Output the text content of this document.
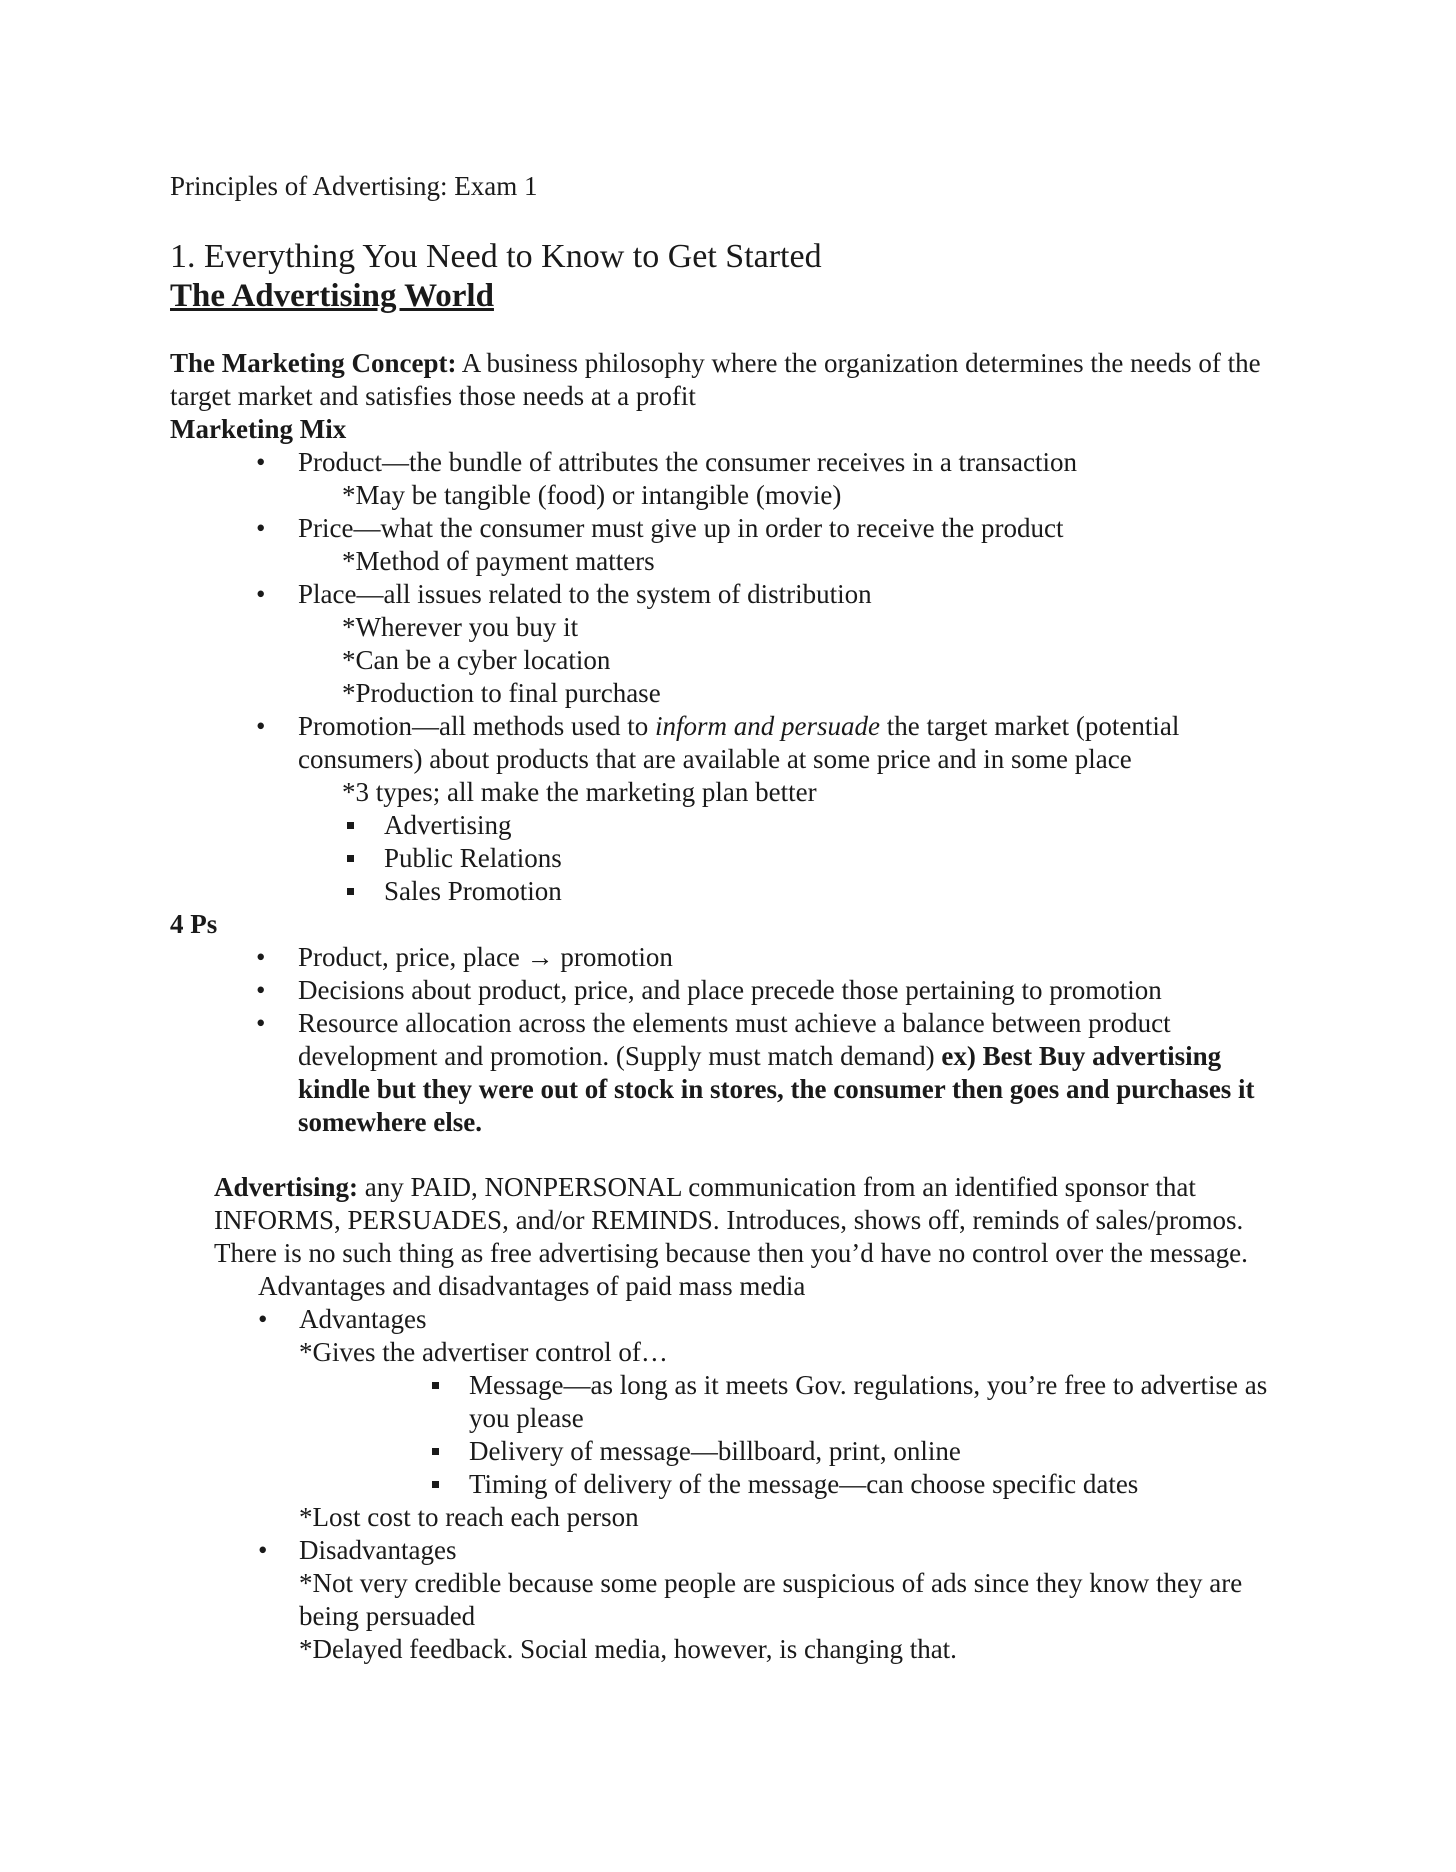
Principles of Advertising: Exam 1

1. Everything You Need to Know to Get Started

The Advertising World

The Marketing Concept: A business philosophy where the organization determines the needs of the target market and satisfies those needs at a profit

Marketing Mix

• Product—the bundle of attributes the consumer receives in a transaction
*May be tangible (food) or intangible (movie)
• Price—what the consumer must give up in order to receive the product
*Method of payment matters
• Place—all issues related to the system of distribution
*Wherever you buy it
*Can be a cyber location
*Production to final purchase
• Promotion—all methods used to inform and persuade the target market (potential consumers) about products that are available at some price and in some place
*3 types; all make the marketing plan better
Advertising
Public Relations
Sales Promotion

4 Ps

• Product, price, place → promotion
• Decisions about product, price, and place precede those pertaining to promotion
• Resource allocation across the elements must achieve a balance between product development and promotion. (Supply must match demand) ex) Best Buy advertising kindle but they were out of stock in stores, the consumer then goes and purchases it somewhere else.

Advertising: any PAID, NONPERSONAL communication from an identified sponsor that INFORMS, PERSUADES, and/or REMINDS. Introduces, shows off, reminds of sales/promos. There is no such thing as free advertising because then you’d have no control over the message.

Advantages and disadvantages of paid mass media

• Advantages
*Gives the advertiser control of…
Message—as long as it meets Gov. regulations, you’re free to advertise as you please
Delivery of message—billboard, print, online
Timing of delivery of the message—can choose specific dates
*Lost cost to reach each person
• Disadvantages
*Not very credible because some people are suspicious of ads since they know they are being persuaded
*Delayed feedback. Social media, however, is changing that.
